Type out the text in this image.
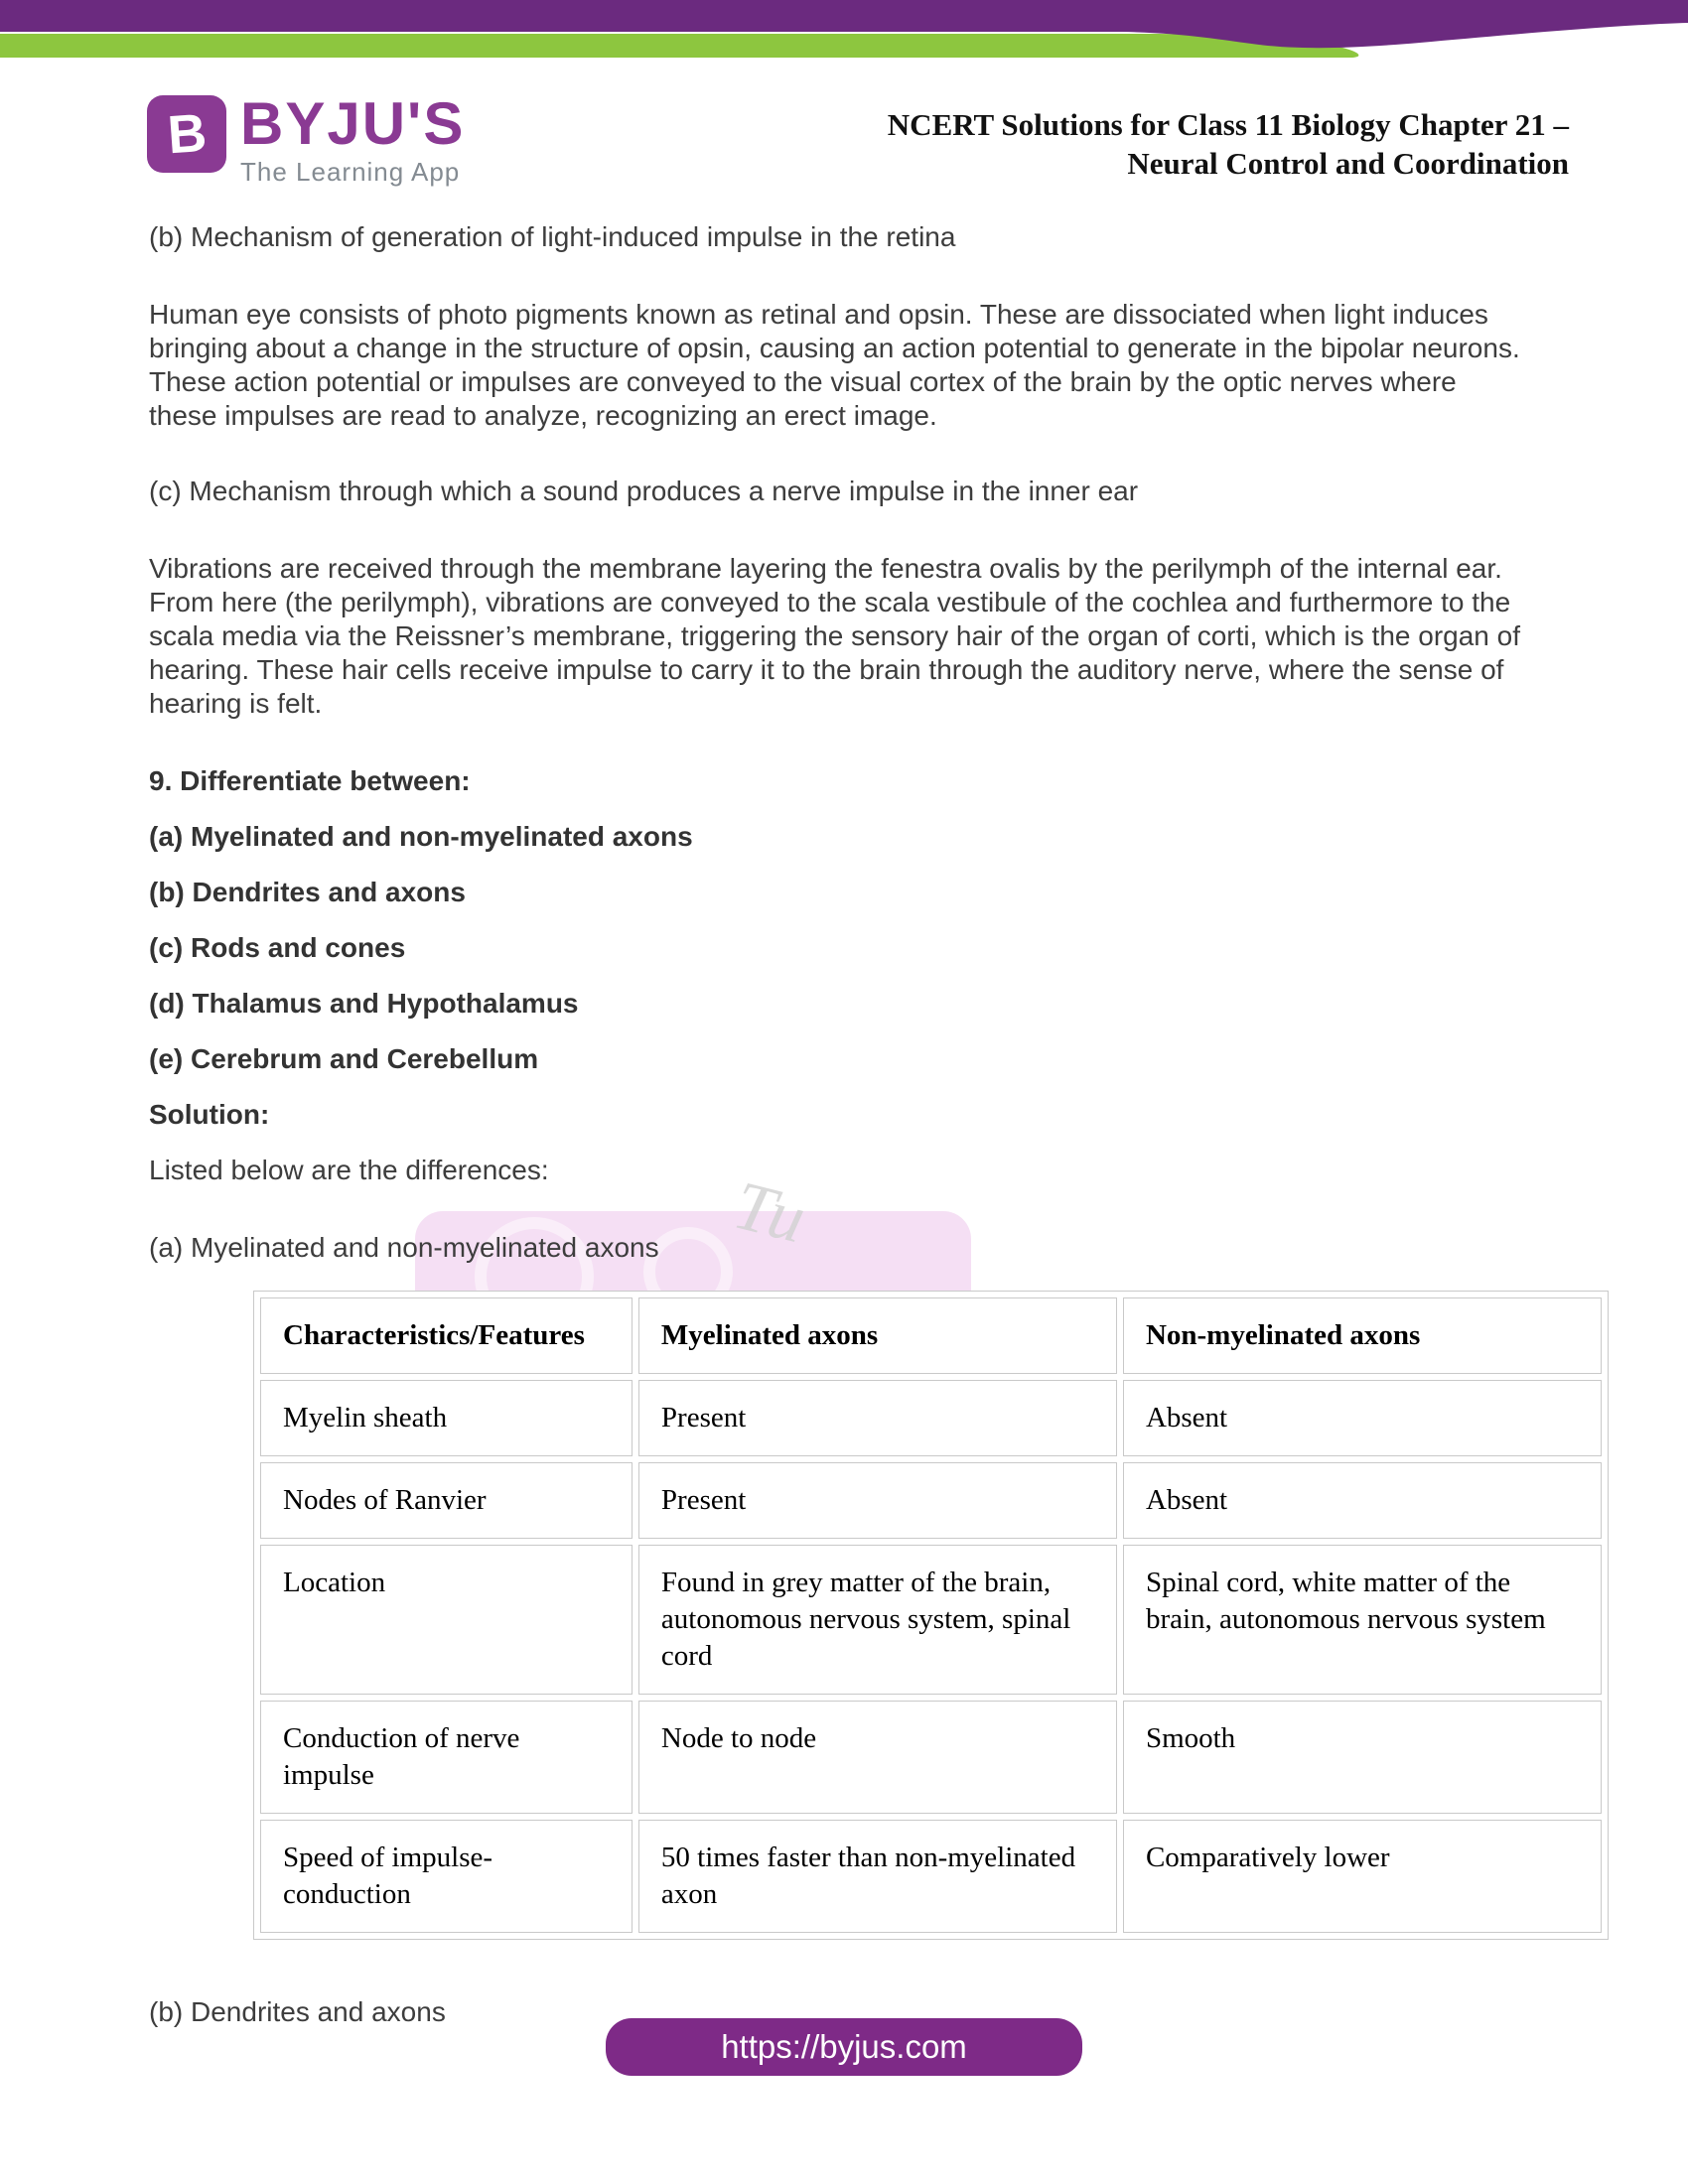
B BYJU'S
The Learning App
NCERT Solutions for Class 11 Biology Chapter 21 –
Neural Control and Coordination
Tu
(b) Mechanism of generation of light-induced impulse in the retina
Human eye consists of photo pigments known as retinal and opsin. These are dissociated when light induces bringing about a change in the structure of opsin, causing an action potential to generate in the bipolar neurons. These action potential or impulses are conveyed to the visual cortex of the brain by the optic nerves where these impulses are read to analyze, recognizing an erect image.
(c) Mechanism through which a sound produces a nerve impulse in the inner ear
Vibrations are received through the membrane layering the fenestra ovalis by the perilymph of the internal ear. From here (the perilymph), vibrations are conveyed to the scala vestibule of the cochlea and furthermore to the scala media via the Reissner’s membrane, triggering the sensory hair of the organ of corti, which is the organ of hearing. These hair cells receive impulse to carry it to the brain through the auditory nerve, where the sense of hearing is felt.
9. Differentiate between:
(a) Myelinated and non-myelinated axons
(b) Dendrites and axons
(c) Rods and cones
(d) Thalamus and Hypothalamus
(e) Cerebrum and Cerebellum
Solution:
Listed below are the differences:
(a) Myelinated and non-myelinated axons
Characteristics/Features	Myelinated axons	Non-myelinated axons
Myelin sheath	Present	Absent
Nodes of Ranvier	Present	Absent
Location	Found in grey matter of the brain, autonomous nervous system, spinal cord	Spinal cord, white matter of the brain, autonomous nervous system
Conduction of nerve impulse	Node to node	Smooth
Speed of impulse-conduction	50 times faster than non-myelinated axon	Comparatively lower
(b) Dendrites and axons
https://byjus.com
